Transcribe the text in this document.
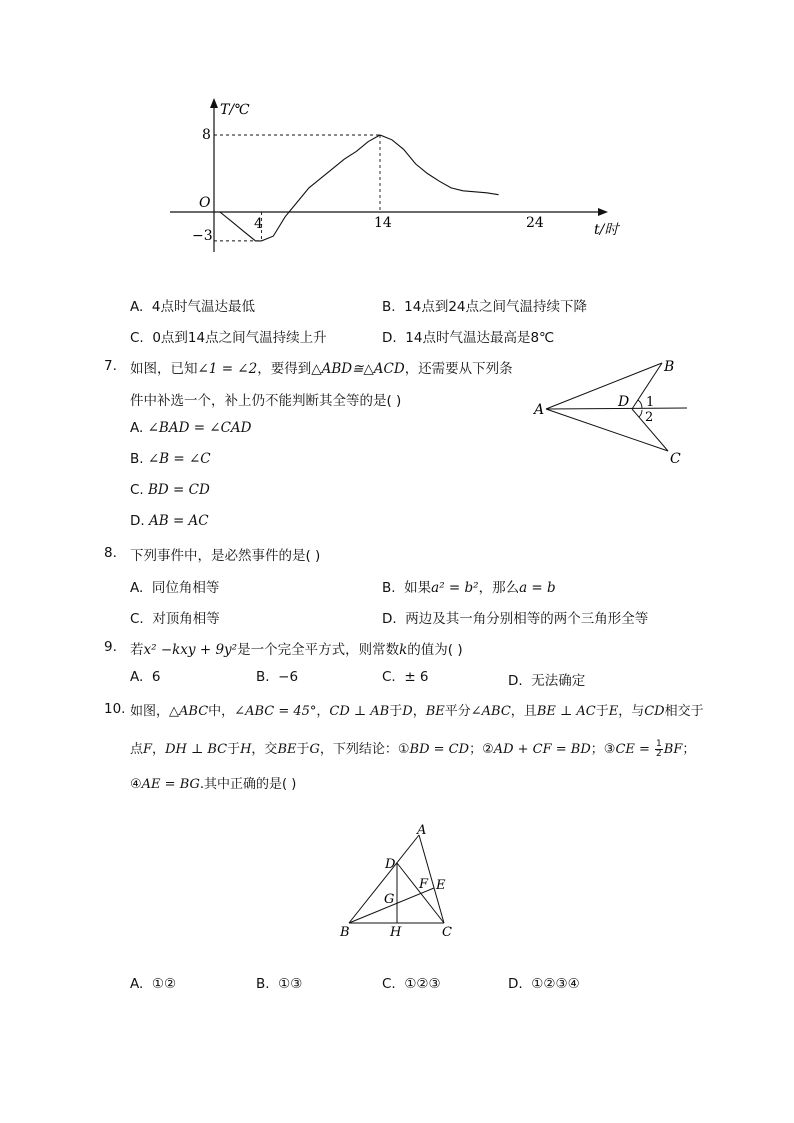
T/℃
t/时
O
8
−3
4	14	24
A. 4点时气温达最低	B. 14点到24点之间气温持续下降
C. 0点到14点之间气温持续上升	D. 14点时气温达最高是8℃
7. 如图，已知∠1 = ∠2，要得到△ABD≅△ACD，还需要从下列条
件中补选一个，补上仍不能判断其全等的是( )
A. ∠BAD = ∠CAD
B. ∠B = ∠C
C. BD = CD
D. AB = AC
A
B
C
D 1
2
8. 下列事件中，是必然事件的是( )
A. 同位角相等	B. 如果a² = b²，那么a = b
C. 对顶角相等	D. 两边及其一角分别相等的两个三角形全等
9. 若x² −kxy + 9y²是一个完全平方式，则常数k的值为( )
A. 6	B. −6	C. ± 6	D. 无法确定
10. 如图，△ABC中，∠ABC = 45°，CD ⊥ AB于D，BE平分∠ABC，且BE ⊥ AC于E，与CD相交于
点F，DH ⊥ BC于H，交BE于G，下列结论：①BD = CD；②AD + CF = BD；③CE = $\frac{1}{2}$ BF；
④AE = BG.其中正确的是( )
A
B	C
D
E
F
G
H
A. ①②	B. ①③	C. ①②③	D. ①②③④
